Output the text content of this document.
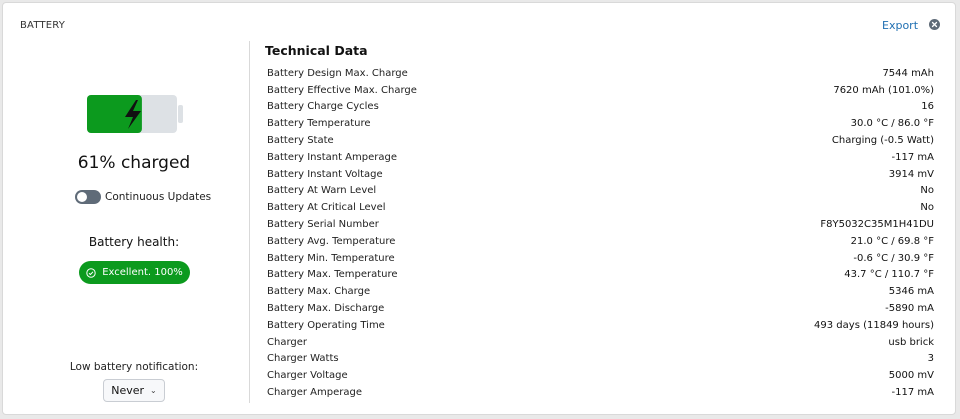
BATTERY	Export
61% charged
Continuous Updates
Battery health:
Excellent. 100%
Low battery notification:
Never ⌄
Technical Data
Battery Design Max. Charge	7544 mAh
Battery Effective Max. Charge	7620 mAh (101.0%)
Battery Charge Cycles	16
Battery Temperature	30.0 °C / 86.0 °F
Battery State	Charging (-0.5 Watt)
Battery Instant Amperage	-117 mA
Battery Instant Voltage	3914 mV
Battery At Warn Level	No
Battery At Critical Level	No
Battery Serial Number	F8Y5032C35M1H41DU
Battery Avg. Temperature	21.0 °C / 69.8 °F
Battery Min. Temperature	-0.6 °C / 30.9 °F
Battery Max. Temperature	43.7 °C / 110.7 °F
Battery Max. Charge	5346 mA
Battery Max. Discharge	-5890 mA
Battery Operating Time	493 days (11849 hours)
Charger	usb brick
Charger Watts	3
Charger Voltage	5000 mV
Charger Amperage	-117 mA
